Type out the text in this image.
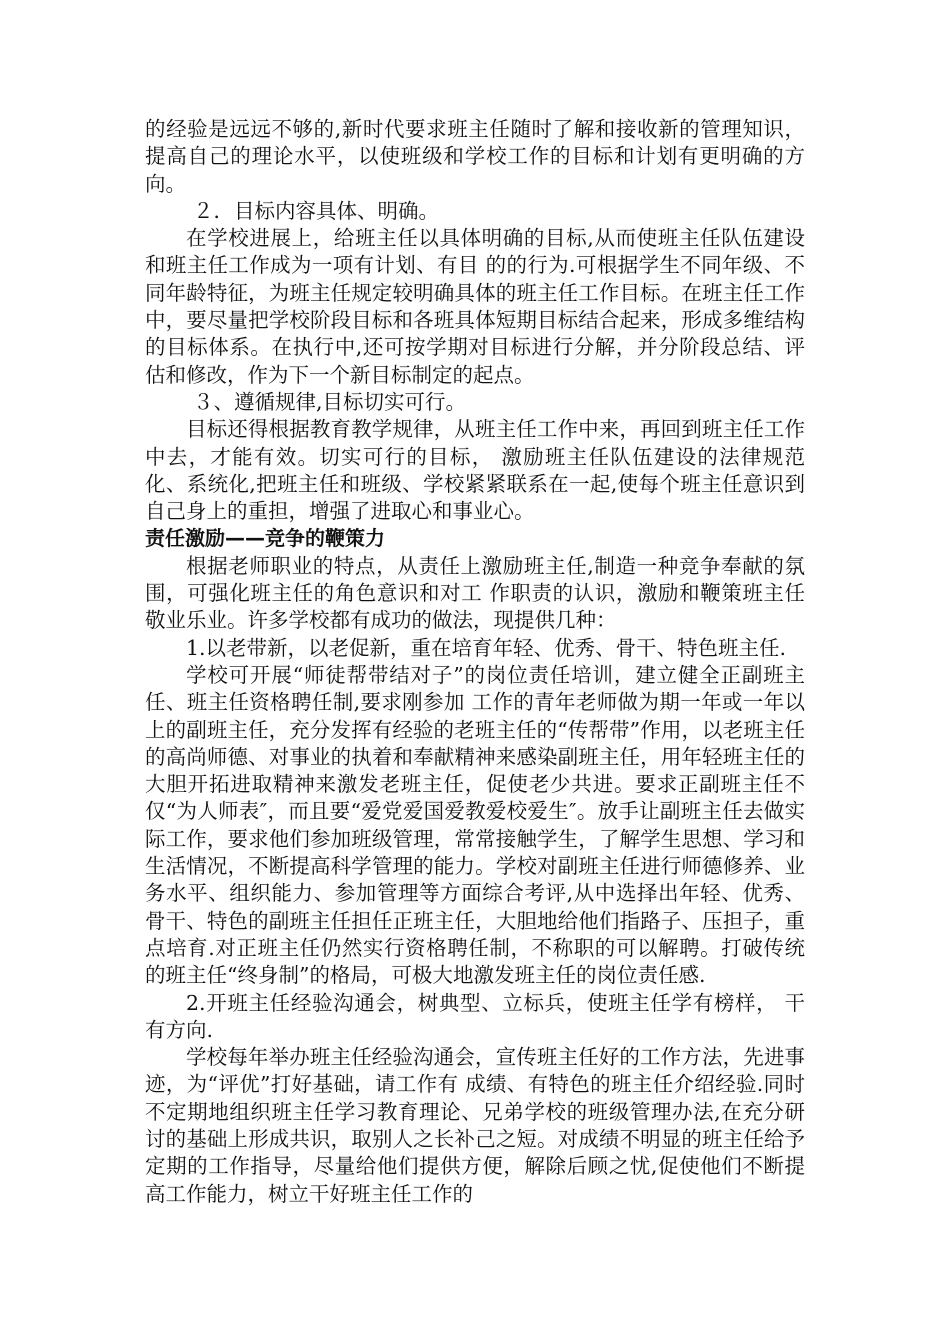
的经验是远远不够的,新时代要求班主任随时了解和接收新的管理知识，提高自己的理论水平，以使班级和学校工作的目标和计划有更明确的方向。

２．目标内容具体、明确。

在学校进展上，给班主任以具体明确的目标,从而使班主任队伍建设和班主任工作成为一项有计划、有目 的的行为.可根据学生不同年级、不同年龄特征，为班主任规定较明确具体的班主任工作目标。在班主任工作中，要尽量把学校阶段目标和各班具体短期目标结合起来，形成多维结构的目标体系。在执行中,还可按学期对目标进行分解，并分阶段总结、评估和修改，作为下一个新目标制定的起点。

３、遵循规律,目标切实可行。

目标还得根据教育教学规律，从班主任工作中来，再回到班主任工作中去，才能有效。切实可行的目标， 激励班主任队伍建设的法律规范化、系统化,把班主任和班级、学校紧紧联系在一起,使每个班主任意识到自己身上的重担，增强了进取心和事业心。

责任激励——竞争的鞭策力

根据老师职业的特点，从责任上激励班主任,制造一种竞争奉献的氛围，可强化班主任的角色意识和对工 作职责的认识，激励和鞭策班主任敬业乐业。许多学校都有成功的做法，现提供几种：

1.以老带新，以老促新，重在培育年轻、优秀、骨干、特色班主任.

学校可开展“师徒帮带结对子”的岗位责任培训，建立健全正副班主任、班主任资格聘任制,要求刚参加 工作的青年老师做为期一年或一年以上的副班主任，充分发挥有经验的老班主任的“传帮带”作用，以老班主任的高尚师德、对事业的执着和奉献精神来感染副班主任，用年轻班主任的大胆开拓进取精神来激发老班主任，促使老少共进。要求正副班主任不仅“为人师表″，而且要“爱党爱国爱教爱校爱生″。放手让副班主任去做实际工作，要求他们参加班级管理，常常接触学生，了解学生思想、学习和生活情况，不断提高科学管理的能力。学校对副班主任进行师德修养、业务水平、组织能力、参加管理等方面综合考评,从中选择出年轻、优秀、骨干、特色的副班主任担任正班主任，大胆地给他们指路子、压担子，重点培育.对正班主任仍然实行资格聘任制，不称职的可以解聘。打破传统的班主任“终身制”的格局，可极大地激发班主任的岗位责任感.

2.开班主任经验沟通会，树典型、立标兵，使班主任学有榜样， 干有方向.

学校每年举办班主任经验沟通会，宣传班主任好的工作方法，先进事迹，为“评优”打好基础，请工作有 成绩、有特色的班主任介绍经验.同时不定期地组织班主任学习教育理论、兄弟学校的班级管理办法,在充分研讨的基础上形成共识，取别人之长补己之短。对成绩不明显的班主任给予定期的工作指导，尽量给他们提供方便，解除后顾之忧,促使他们不断提高工作能力，树立干好班主任工作的
